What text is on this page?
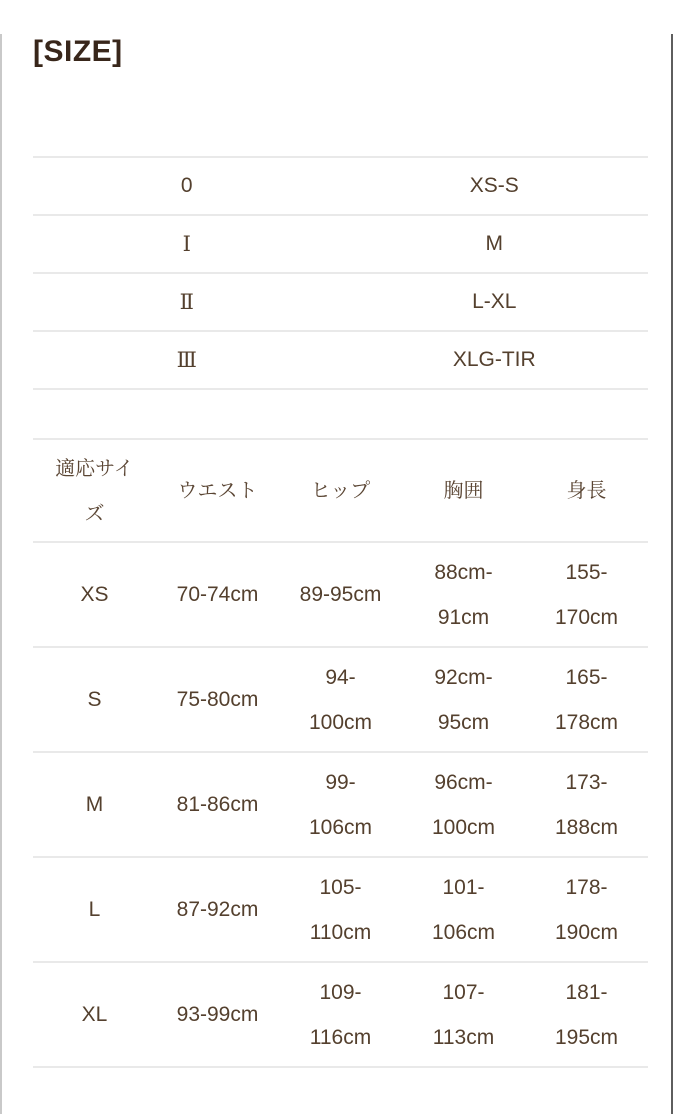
[SIZE]
0	XS-S
Ⅰ	M
Ⅱ	L-XL
Ⅲ	XLG-TIR
適応サイズ	ウエスト	ヒップ	胸囲	身長
XS	70-74cm	89-95cm	88cm-91cm	155-170cm
S	75-80cm	94-100cm	92cm-95cm	165-178cm
M	81-86cm	99-106cm	96cm-100cm	173-188cm
L	87-92cm	105-110cm	101-106cm	178-190cm
XL	93-99cm	109-116cm	107-113cm	181-195cm
